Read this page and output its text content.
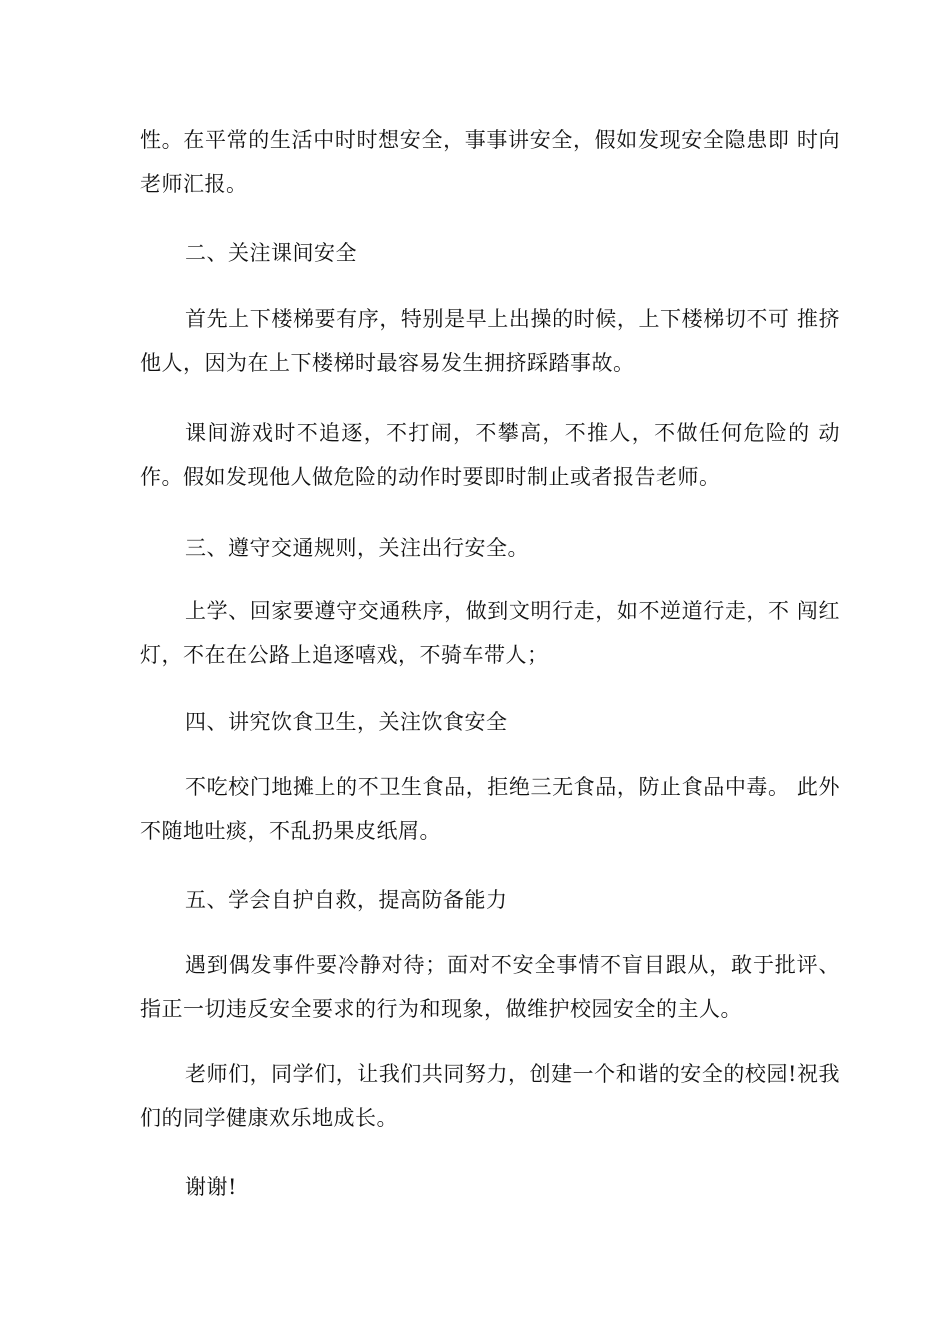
性。在平常的生活中时时想安全，事事讲安全，假如发现安全隐患即 时向老师汇报。

二、关注课间安全

首先上下楼梯要有序，特别是早上出操的时候，上下楼梯切不可 推挤他人，因为在上下楼梯时最容易发生拥挤踩踏事故。

课间游戏时不追逐，不打闹，不攀高，不推人，不做任何危险的 动作。假如发现他人做危险的动作时要即时制止或者报告老师。

三、遵守交通规则，关注出行安全。

上学、回家要遵守交通秩序，做到文明行走，如不逆道行走，不 闯红灯，不在在公路上追逐嘻戏，不骑车带人；

四、讲究饮食卫生，关注饮食安全

不吃校门地摊上的不卫生食品，拒绝三无食品，防止食品中毒。 此外不随地吐痰，不乱扔果皮纸屑。

五、学会自护自救，提高防备能力

遇到偶发事件要冷静对待；面对不安全事情不盲目跟从，敢于批评、指正一切违反安全要求的行为和现象，做维护校园安全的主人。

老师们，同学们，让我们共同努力，创建一个和谐的安全的校园!祝我们的同学健康欢乐地成长。

谢谢!
